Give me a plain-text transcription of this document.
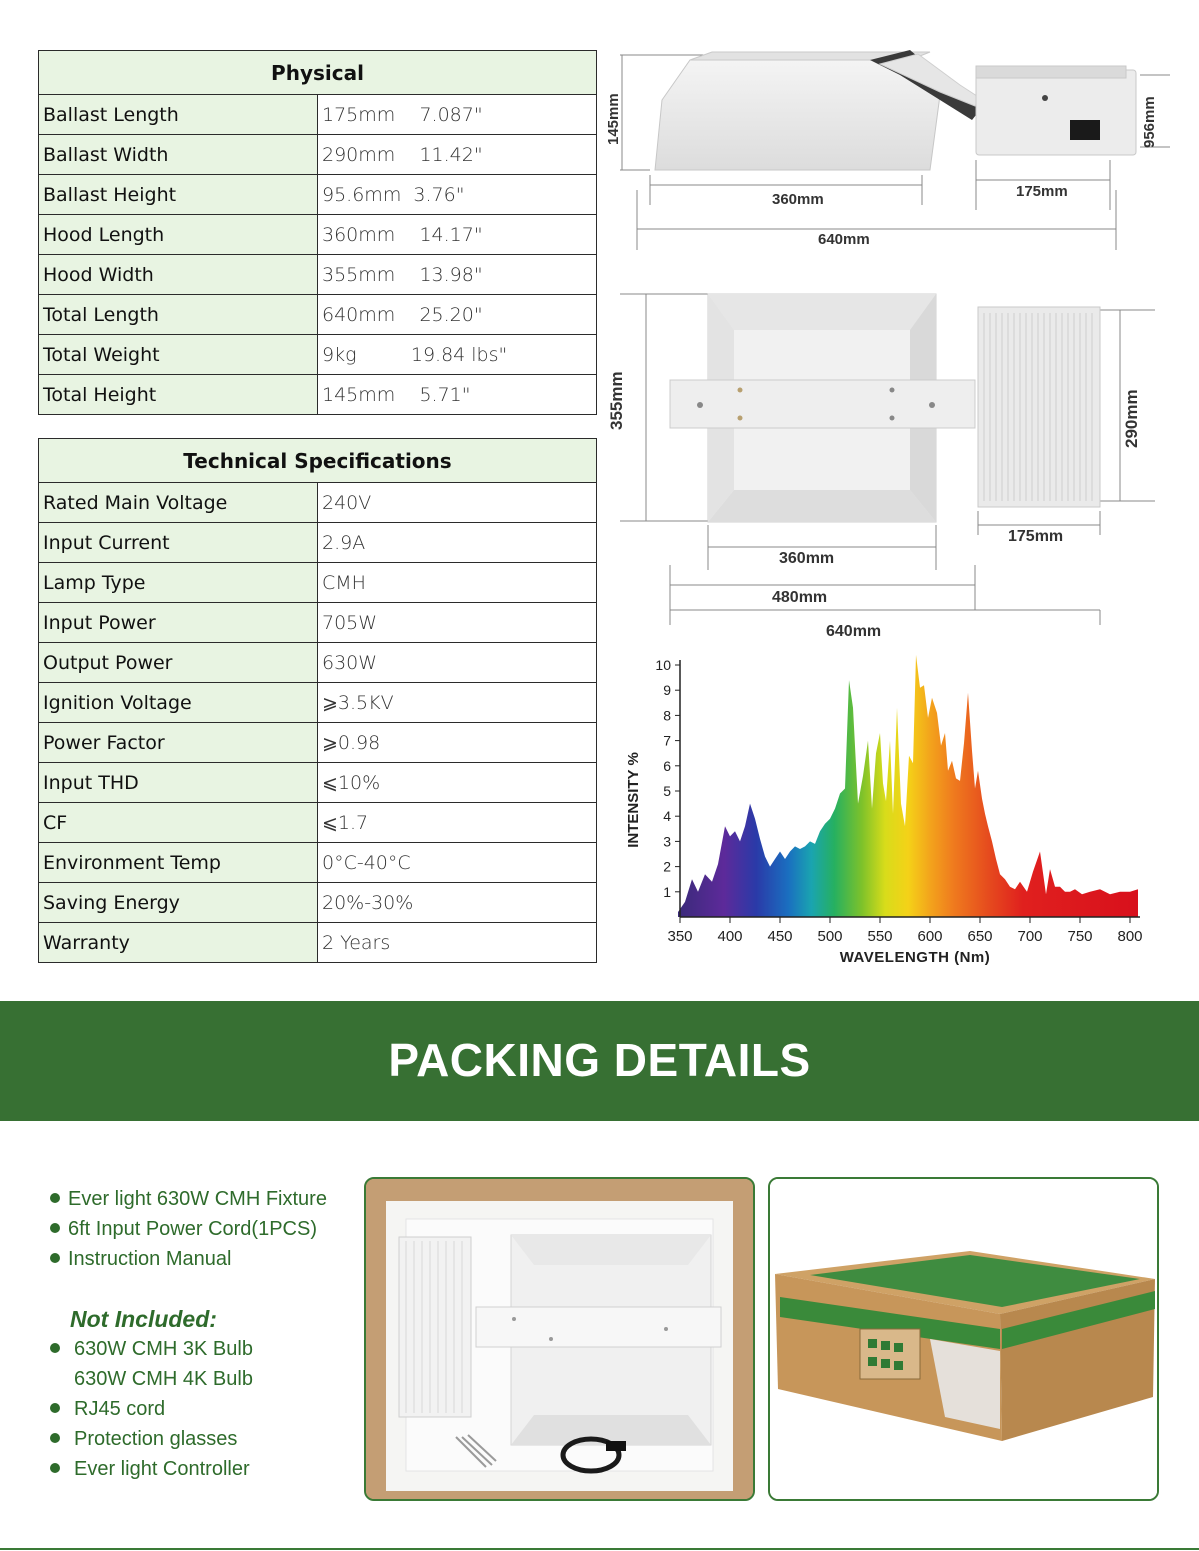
Physical	
Ballast Length	175mm    7.087"
Ballast Width	290mm    11.42"
Ballast Height	95.6mm  3.76"
Hood Length	360mm    14.17"
Hood Width	355mm    13.98"
Total Length	640mm    25.20"
Total Weight	9kg         19.84 lbs"
Total Height	145mm    5.71"
Technical Specifications	
Rated Main Voltage	240V
Input Current	2.9A
Lamp Type	CMH
Input Power	705W
Output Power	630W
Ignition Voltage	⩾3.5KV
Power Factor	⩾0.98
Input THD	⩽10%
CF	⩽1.7
Environment Temp	0°C-40°C
Saving Energy	20%-30%
Warranty	2 Years
360mm	175mm
640mm
145mm	956mm
355mm	290mm
175mm
360mm
480mm
640mm
1
2
3
4
5
6
7
8
9
10
350 400 450 500 550 600 650 700 750 800
WAVELENGTH (Nm)
INTENSITY %
PACKING DETAILS
Ever light 630W CMH Fixture
6ft Input Power Cord(1PCS)
Instruction Manual
Not Included:
630W CMH 3K Bulb
630W CMH 4K Bulb
RJ45 cord
Protection glasses
Ever light Controller
